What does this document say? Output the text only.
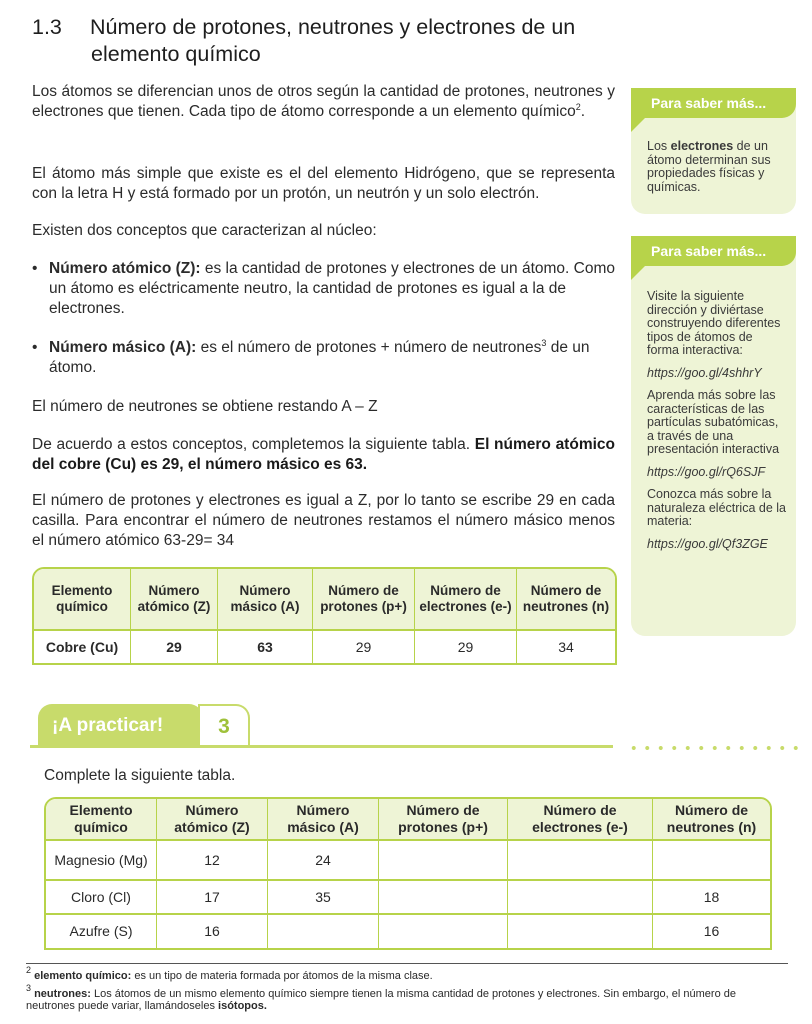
1.3 Número de protones, neutrones y electrones de un
elemento químico
Los átomos se diferencian unos de otros según la cantidad de protones, neutrones y electrones que tienen. Cada tipo de átomo corresponde a un elemento químico$^2$.
El átomo más simple que existe es el del elemento Hidrógeno, que se representa con la letra H y está formado por un protón, un neutrón y un solo electrón.
Existen dos conceptos que caracterizan al núcleo:
• Número atómico (Z): es la cantidad de protones y electrones de un átomo. Como un átomo es eléctricamente neutro, la cantidad de protones es igual a la de electrones.
• Número másico (A): es el número de protones + número de neutrones$^3$ de un átomo.
El número de neutrones se obtiene restando A – Z
De acuerdo a estos conceptos, completemos la siguiente tabla. El número atómico del cobre (Cu) es 29, el número másico es 63.
El número de protones y electrones es igual a Z, por lo tanto se escribe 29 en cada casilla. Para encontrar el número de neutrones restamos el número másico menos el número atómico 63-29= 34
Elemento químico	Número atómico (Z)	Número másico (A)	Número de protones (p+)	Número de electrones (e-)	Número de neutrones (n)
Cobre (Cu)	29	63	29	29	34
Para saber más...

Los electrones de un átomo determinan sus propiedades físicas y químicas.

Para saber más...

Visite la siguiente dirección y diviértase construyendo diferentes tipos de átomos de forma interactiva:

https://goo.gl/4shhrY

Aprenda más sobre las características de las partículas subatómicas, a través de una presentación interactiva

https://goo.gl/rQ6SJF

Conozca más sobre la naturaleza eléctrica de la materia:

https://goo.gl/Qf3ZGE

¡A practicar!	3
Complete la siguiente tabla.
Elemento químico	Número atómico (Z)	Número másico (A)	Número de protones (p+)	Número de electrones (e-)	Número de neutrones (n)
Magnesio (Mg)	12	24			
Cloro (Cl)	17	35			18
Azufre (S)	16				16
$^2$ elemento químico: es un tipo de materia formada por átomos de la misma clase.
$^3$ neutrones: Los átomos de un mismo elemento químico siempre tienen la misma cantidad de protones y electrones. Sin embargo, el número de neutrones puede variar, llamándoseles isótopos.
